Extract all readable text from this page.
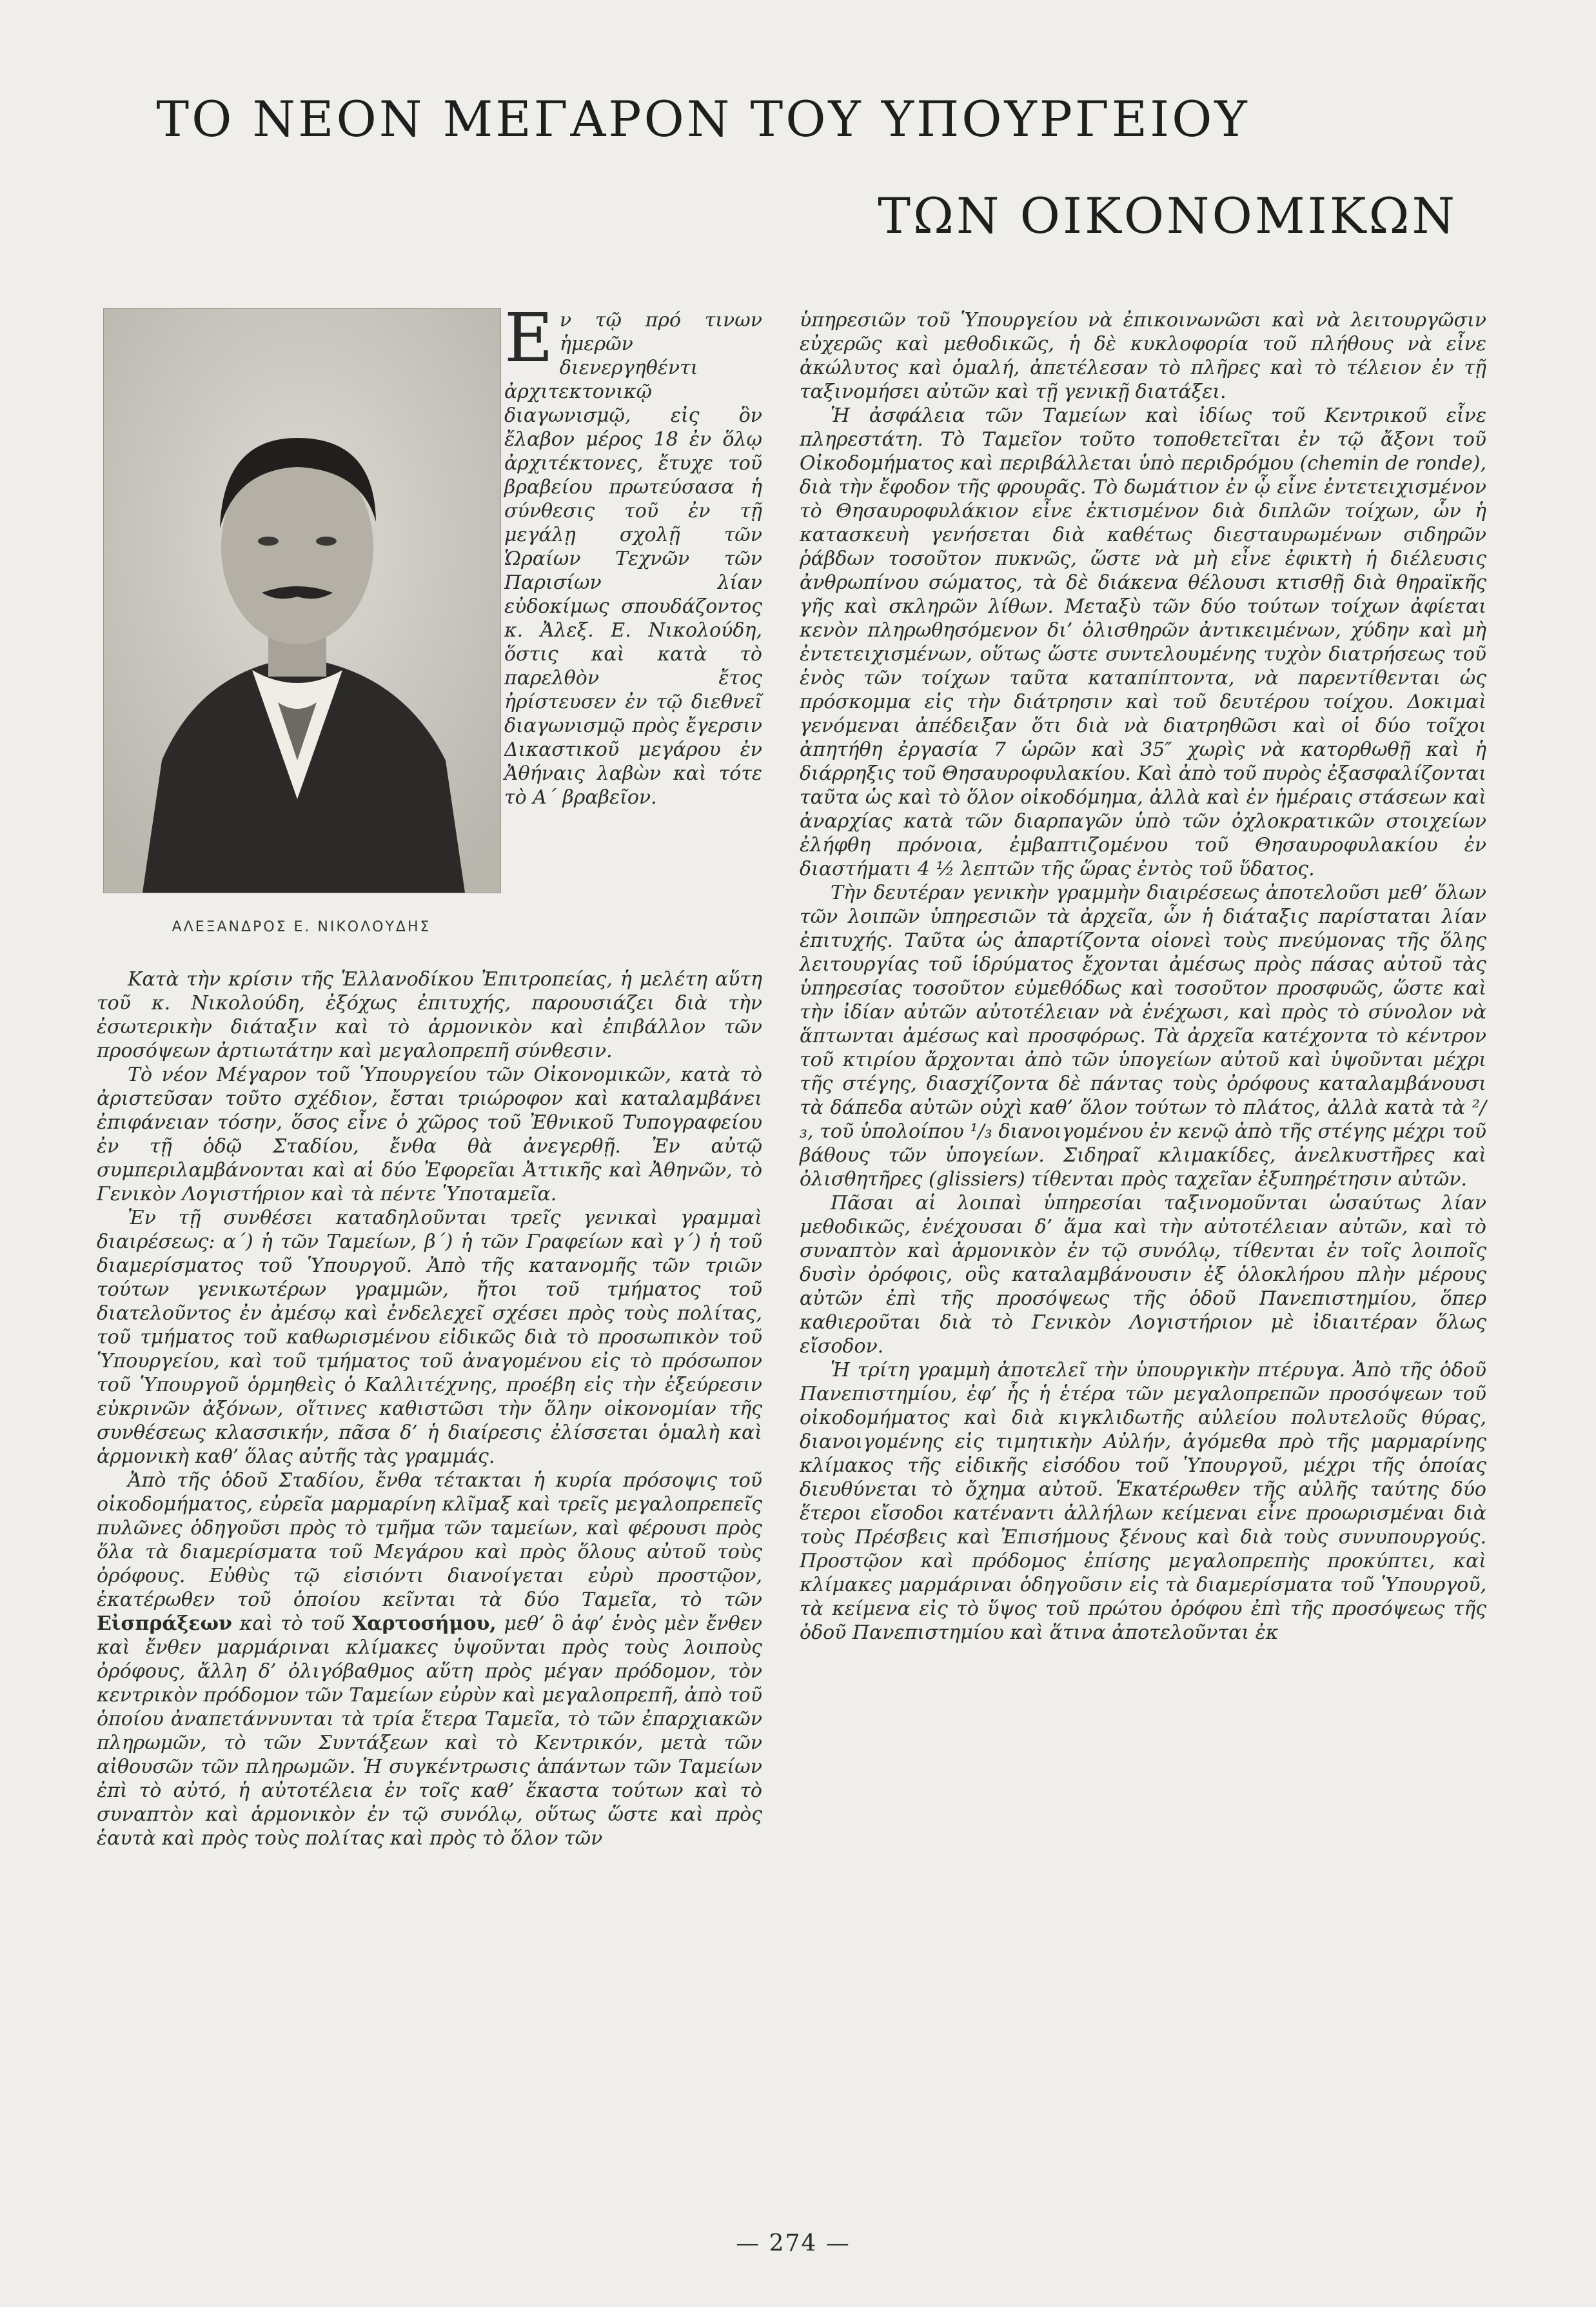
ΤΟ ΝΕΟΝ ΜΕΓΑΡΟΝ ΤΟΥ ΥΠΟΥΡΓΕΙΟΥ
ΤΩΝ ΟΙΚΟΝΟΜΙΚΩΝ
ΑΛΕΞΑΝΔΡΟΣ Ε. ΝΙΚΟΛΟΥΔΗΣ

Εν τῷ πρό τινων ἡμερῶν διενεργηθέντι ἀρχιτεκτονικῷ διαγωνισμῷ, εἰς ὃν ἔλαβον μέρος 18 ἐν ὅλῳ ἀρχιτέκτονες, ἔτυχε τοῦ βραβείου πρωτεύσασα ἡ σύνθεσις τοῦ ἐν τῇ μεγάλῃ σχολῇ τῶν Ὡραίων Τεχνῶν τῶν Παρισίων λίαν εὐδοκίμως σπουδάζοντος κ. Ἀλεξ. Ε. Νικολούδη, ὅστις καὶ κατὰ τὸ παρελθὸν ἔτος ἠρίστευσεν ἐν τῷ διεθνεῖ διαγωνισμῷ πρὸς ἔγερσιν Δικαστικοῦ μεγάρου ἐν Ἀθήναις λαβὼν καὶ τότε τὸ Α´ βραβεῖον.

Κατὰ τὴν κρίσιν τῆς Ἑλλανοδίκου Ἐπιτροπείας, ἡ μελέτη αὕτη τοῦ κ. Νικολούδη, ἐξόχως ἐπιτυχής, παρουσιάζει διὰ τὴν ἐσωτερικὴν διάταξιν καὶ τὸ ἁρμονικὸν καὶ ἐπιβάλλον τῶν προσόψεων ἀρτιωτάτην καὶ μεγαλοπρεπῆ σύνθεσιν.

Τὸ νέον Μέγαρον τοῦ Ὑπουργείου τῶν Οἰκονομικῶν, κατὰ τὸ ἀριστεῦσαν τοῦτο σχέδιον, ἔσται τριώροφον καὶ καταλαμβάνει ἐπιφάνειαν τόσην, ὅσος εἶνε ὁ χῶρος τοῦ Ἐθνικοῦ Τυπογραφείου ἐν τῇ ὁδῷ Σταδίου, ἔνθα θὰ ἀνεγερθῇ. Ἐν αὐτῷ συμπεριλαμβάνονται καὶ αἱ δύο Ἐφορεῖαι Ἀττικῆς καὶ Ἀθηνῶν, τὸ Γενικὸν Λογιστήριον καὶ τὰ πέντε Ὑποταμεῖα.

Ἐν τῇ συνθέσει καταδηλοῦνται τρεῖς γενικαὶ γραμμαὶ διαιρέσεως: α´) ἡ τῶν Ταμείων, β´) ἡ τῶν Γραφείων καὶ γ´) ἡ τοῦ διαμερίσματος τοῦ Ὑπουργοῦ. Ἀπὸ τῆς κατανομῆς τῶν τριῶν τούτων γενικωτέρων γραμμῶν, ἤτοι τοῦ τμήματος τοῦ διατελοῦντος ἐν ἀμέσῳ καὶ ἐνδελεχεῖ σχέσει πρὸς τοὺς πολίτας, τοῦ τμήματος τοῦ καθωρισμένου εἰδικῶς διὰ τὸ προσωπικὸν τοῦ Ὑπουργείου, καὶ τοῦ τμήματος τοῦ ἀναγομένου εἰς τὸ πρόσωπον τοῦ Ὑπουργοῦ ὁρμηθεὶς ὁ Καλλιτέχνης, προέβη εἰς τὴν ἐξεύρεσιν εὐκρινῶν ἀξόνων, οἵτινες καθιστῶσι τὴν ὅλην οἰκονομίαν τῆς συνθέσεως κλασσικήν, πᾶσα δ’ ἡ διαίρεσις ἐλίσσεται ὁμαλὴ καὶ ἁρμονικὴ καθ’ ὅλας αὐτῆς τὰς γραμμάς.

Ἀπὸ τῆς ὁδοῦ Σταδίου, ἔνθα τέτακται ἡ κυρία πρόσοψις τοῦ οἰκοδομήματος, εὐρεῖα μαρμαρίνη κλῖμαξ καὶ τρεῖς μεγαλοπρεπεῖς πυλῶνες ὁδηγοῦσι πρὸς τὸ τμῆμα τῶν ταμείων, καὶ φέρουσι πρὸς ὅλα τὰ διαμερίσματα τοῦ Μεγάρου καὶ πρὸς ὅλους αὐτοῦ τοὺς ὀρόφους. Εὐθὺς τῷ εἰσιόντι διανοίγεται εὐρὺ προστῷον, ἑκατέρωθεν τοῦ ὁποίου κεῖνται τὰ δύο Ταμεῖα, τὸ τῶν Εἰσπράξεων καὶ τὸ τοῦ Χαρτοσήμου, μεθ’ ὃ ἀφ’ ἑνὸς μὲν ἔνθεν καὶ ἔνθεν μαρμάριναι κλίμακες ὑψοῦνται πρὸς τοὺς λοιποὺς ὀρόφους, ἄλλη δ’ ὀλιγόβαθμος αὕτη πρὸς μέγαν πρόδομον, τὸν κεντρικὸν πρόδομον τῶν Ταμείων εὐρὺν καὶ μεγαλοπρεπῆ, ἀπὸ τοῦ ὁποίου ἀναπετάννυνται τὰ τρία ἕτερα Ταμεῖα, τὸ τῶν ἐπαρχιακῶν πληρωμῶν, τὸ τῶν Συντάξεων καὶ τὸ Κεντρικόν, μετὰ τῶν αἰθουσῶν τῶν πληρωμῶν. Ἡ συγκέντρωσις ἁπάντων τῶν Ταμείων ἐπὶ τὸ αὐτό, ἡ αὐτοτέλεια ἐν τοῖς καθ’ ἕκαστα τούτων καὶ τὸ συναπτὸν καὶ ἁρμονικὸν ἐν τῷ συνόλῳ, οὕτως ὥστε καὶ πρὸς ἑαυτὰ καὶ πρὸς τοὺς πολίτας καὶ πρὸς τὸ ὅλον τῶν

ὑπηρεσιῶν τοῦ Ὑπουργείου νὰ ἐπικοινωνῶσι καὶ νὰ λειτουργῶσιν εὐχερῶς καὶ μεθοδικῶς, ἡ δὲ κυκλοφορία τοῦ πλήθους νὰ εἶνε ἀκώλυτος καὶ ὁμαλή, ἀπετέλεσαν τὸ πλῆρες καὶ τὸ τέλειον ἐν τῇ ταξινομήσει αὐτῶν καὶ τῇ γενικῇ διατάξει.

Ἡ ἀσφάλεια τῶν Ταμείων καὶ ἰδίως τοῦ Κεντρικοῦ εἶνε πληρεστάτη. Τὸ Ταμεῖον τοῦτο τοποθετεῖται ἐν τῷ ἄξονι τοῦ Οἰκοδομήματος καὶ περιβάλλεται ὑπὸ περιδρόμου (chemin de ronde), διὰ τὴν ἔφοδον τῆς φρουρᾶς. Τὸ δωμάτιον ἐν ᾧ εἶνε ἐντετειχισμένον τὸ Θησαυροφυλάκιον εἶνε ἐκτισμένον διὰ διπλῶν τοίχων, ὧν ἡ κατασκευὴ γενήσεται διὰ καθέτως διεσταυρωμένων σιδηρῶν ῥάβδων τοσοῦτον πυκνῶς, ὥστε νὰ μὴ εἶνε ἐφικτὴ ἡ διέλευσις ἀνθρωπίνου σώματος, τὰ δὲ διάκενα θέλουσι κτισθῇ διὰ θηραϊκῆς γῆς καὶ σκληρῶν λίθων. Μεταξὺ τῶν δύο τούτων τοίχων ἀφίεται κενὸν πληρωθησόμενον δι’ ὀλισθηρῶν ἀντικειμένων, χύδην καὶ μὴ ἐντετειχισμένων, οὕτως ὥστε συντελουμένης τυχὸν διατρήσεως τοῦ ἑνὸς τῶν τοίχων ταῦτα καταπίπτοντα, νὰ παρεντίθενται ὡς πρόσκομμα εἰς τὴν διάτρησιν καὶ τοῦ δευτέρου τοίχου. Δοκιμαὶ γενόμεναι ἀπέδειξαν ὅτι διὰ νὰ διατρηθῶσι καὶ οἱ δύο τοῖχοι ἀπητήθη ἐργασία 7 ὡρῶν καὶ 35″ χωρὶς νὰ κατορθωθῇ καὶ ἡ διάρρηξις τοῦ Θησαυροφυλακίου. Καὶ ἀπὸ τοῦ πυρὸς ἐξασφαλίζονται ταῦτα ὡς καὶ τὸ ὅλον οἰκοδόμημα, ἀλλὰ καὶ ἐν ἡμέραις στάσεων καὶ ἀναρχίας κατὰ τῶν διαρπαγῶν ὑπὸ τῶν ὀχλοκρατικῶν στοιχείων ἐλήφθη πρόνοια, ἐμβαπτιζομένου τοῦ Θησαυροφυλακίου ἐν διαστήματι 4 ½ λεπτῶν τῆς ὥρας ἐντὸς τοῦ ὕδατος.

Τὴν δευτέραν γενικὴν γραμμὴν διαιρέσεως ἀποτελοῦσι μεθ’ ὅλων τῶν λοιπῶν ὑπηρεσιῶν τὰ ἀρχεῖα, ὧν ἡ διάταξις παρίσταται λίαν ἐπιτυχής. Ταῦτα ὡς ἀπαρτίζοντα οἱονεὶ τοὺς πνεύμονας τῆς ὅλης λειτουργίας τοῦ ἱδρύματος ἔχονται ἀμέσως πρὸς πάσας αὐτοῦ τὰς ὑπηρεσίας τοσοῦτον εὐμεθόδως καὶ τοσοῦτον προσφυῶς, ὥστε καὶ τὴν ἰδίαν αὐτῶν αὐτοτέλειαν νὰ ἐνέχωσι, καὶ πρὸς τὸ σύνολον νὰ ἅπτωνται ἀμέσως καὶ προσφόρως. Τὰ ἀρχεῖα κατέχοντα τὸ κέντρον τοῦ κτιρίου ἄρχονται ἀπὸ τῶν ὑπογείων αὐτοῦ καὶ ὑψοῦνται μέχρι τῆς στέγης, διασχίζοντα δὲ πάντας τοὺς ὀρόφους καταλαμβάνουσι τὰ δάπεδα αὐτῶν οὐχὶ καθ’ ὅλον τούτων τὸ πλάτος, ἀλλὰ κατὰ τὰ ²/₃, τοῦ ὑπολοίπου ¹/₃ διανοιγομένου ἐν κενῷ ἀπὸ τῆς στέγης μέχρι τοῦ βάθους τῶν ὑπογείων. Σιδηραῖ κλιμακίδες, ἀνελκυστῆρες καὶ ὀλισθητῆρες (glissiers) τίθενται πρὸς ταχεῖαν ἐξυπηρέτησιν αὐτῶν.

Πᾶσαι αἱ λοιπαὶ ὑπηρεσίαι ταξινομοῦνται ὡσαύτως λίαν μεθοδικῶς, ἐνέχουσαι δ’ ἅμα καὶ τὴν αὐτοτέλειαν αὐτῶν, καὶ τὸ συναπτὸν καὶ ἁρμονικὸν ἐν τῷ συνόλῳ, τίθενται ἐν τοῖς λοιποῖς δυσὶν ὀρόφοις, οὓς καταλαμβάνουσιν ἐξ ὁλοκλήρου πλὴν μέρους αὐτῶν ἐπὶ τῆς προσόψεως τῆς ὁδοῦ Πανεπιστημίου, ὅπερ καθιεροῦται διὰ τὸ Γενικὸν Λογιστήριον μὲ ἰδιαιτέραν ὅλως εἴσοδον.

Ἡ τρίτη γραμμὴ ἀποτελεῖ τὴν ὑπουργικὴν πτέρυγα. Ἀπὸ τῆς ὁδοῦ Πανεπιστημίου, ἐφ’ ἧς ἡ ἑτέρα τῶν μεγαλοπρεπῶν προσόψεων τοῦ οἰκοδομήματος καὶ διὰ κιγκλιδωτῆς αὐλείου πολυτελοῦς θύρας, διανοιγομένης εἰς τιμητικὴν Αὐλήν, ἀγόμεθα πρὸ τῆς μαρμαρίνης κλίμακος τῆς εἰδικῆς εἰσόδου τοῦ Ὑπουργοῦ, μέχρι τῆς ὁποίας διευθύνεται τὸ ὄχημα αὐτοῦ. Ἑκατέρωθεν τῆς αὐλῆς ταύτης δύο ἕτεροι εἴσοδοι κατέναντι ἀλλήλων κείμεναι εἶνε προωρισμέναι διὰ τοὺς Πρέσβεις καὶ Ἐπισήμους ξένους καὶ διὰ τοὺς συνυπουργούς. Προστῷον καὶ πρόδομος ἐπίσης μεγαλοπρεπὴς προκύπτει, καὶ κλίμακες μαρμάριναι ὁδηγοῦσιν εἰς τὰ διαμερίσματα τοῦ Ὑπουργοῦ, τὰ κείμενα εἰς τὸ ὕψος τοῦ πρώτου ὀρόφου ἐπὶ τῆς προσόψεως τῆς ὁδοῦ Πανεπιστημίου καὶ ἅτινα ἀποτελοῦνται ἐκ

— 274 —
